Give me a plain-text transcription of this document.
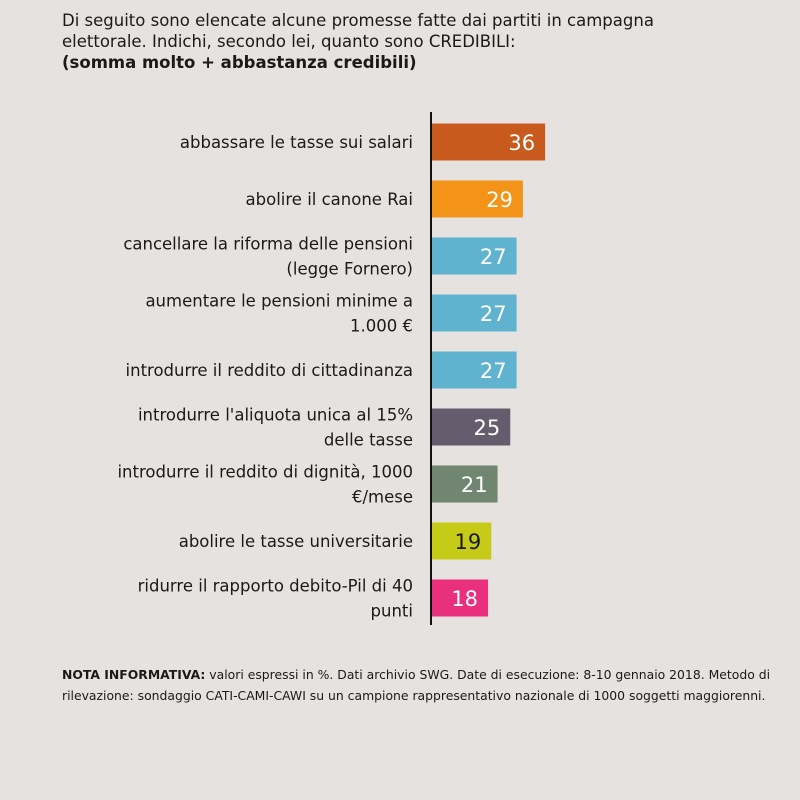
Di seguito sono elencate alcune promesse fatte dai partiti in campagna
elettorale. Indichi, secondo lei, quanto sono CREDIBILI:

(somma molto + abbastanza credibili)

36
abbassare le tasse sui salari
29
abolire il canone Rai
27
cancellare la riforma delle pensioni
(legge Fornero)
27
aumentare le pensioni minime a
1.000 €
27
introdurre il reddito di cittadinanza
25
introdurre l'aliquota unica al 15%
delle tasse
21
introdurre il reddito di dignità, 1000
€/mese
19
abolire le tasse universitarie
18
ridurre il rapporto debito-Pil di 40
punti
NOTA INFORMATIVA: valori espressi in %. Dati archivio SWG. Date di esecuzione: 8-10 gennaio 2018. Metodo di rilevazione: sondaggio CATI-CAMI-CAWI su un campione rappresentativo nazionale di 1000 soggetti maggiorenni.
